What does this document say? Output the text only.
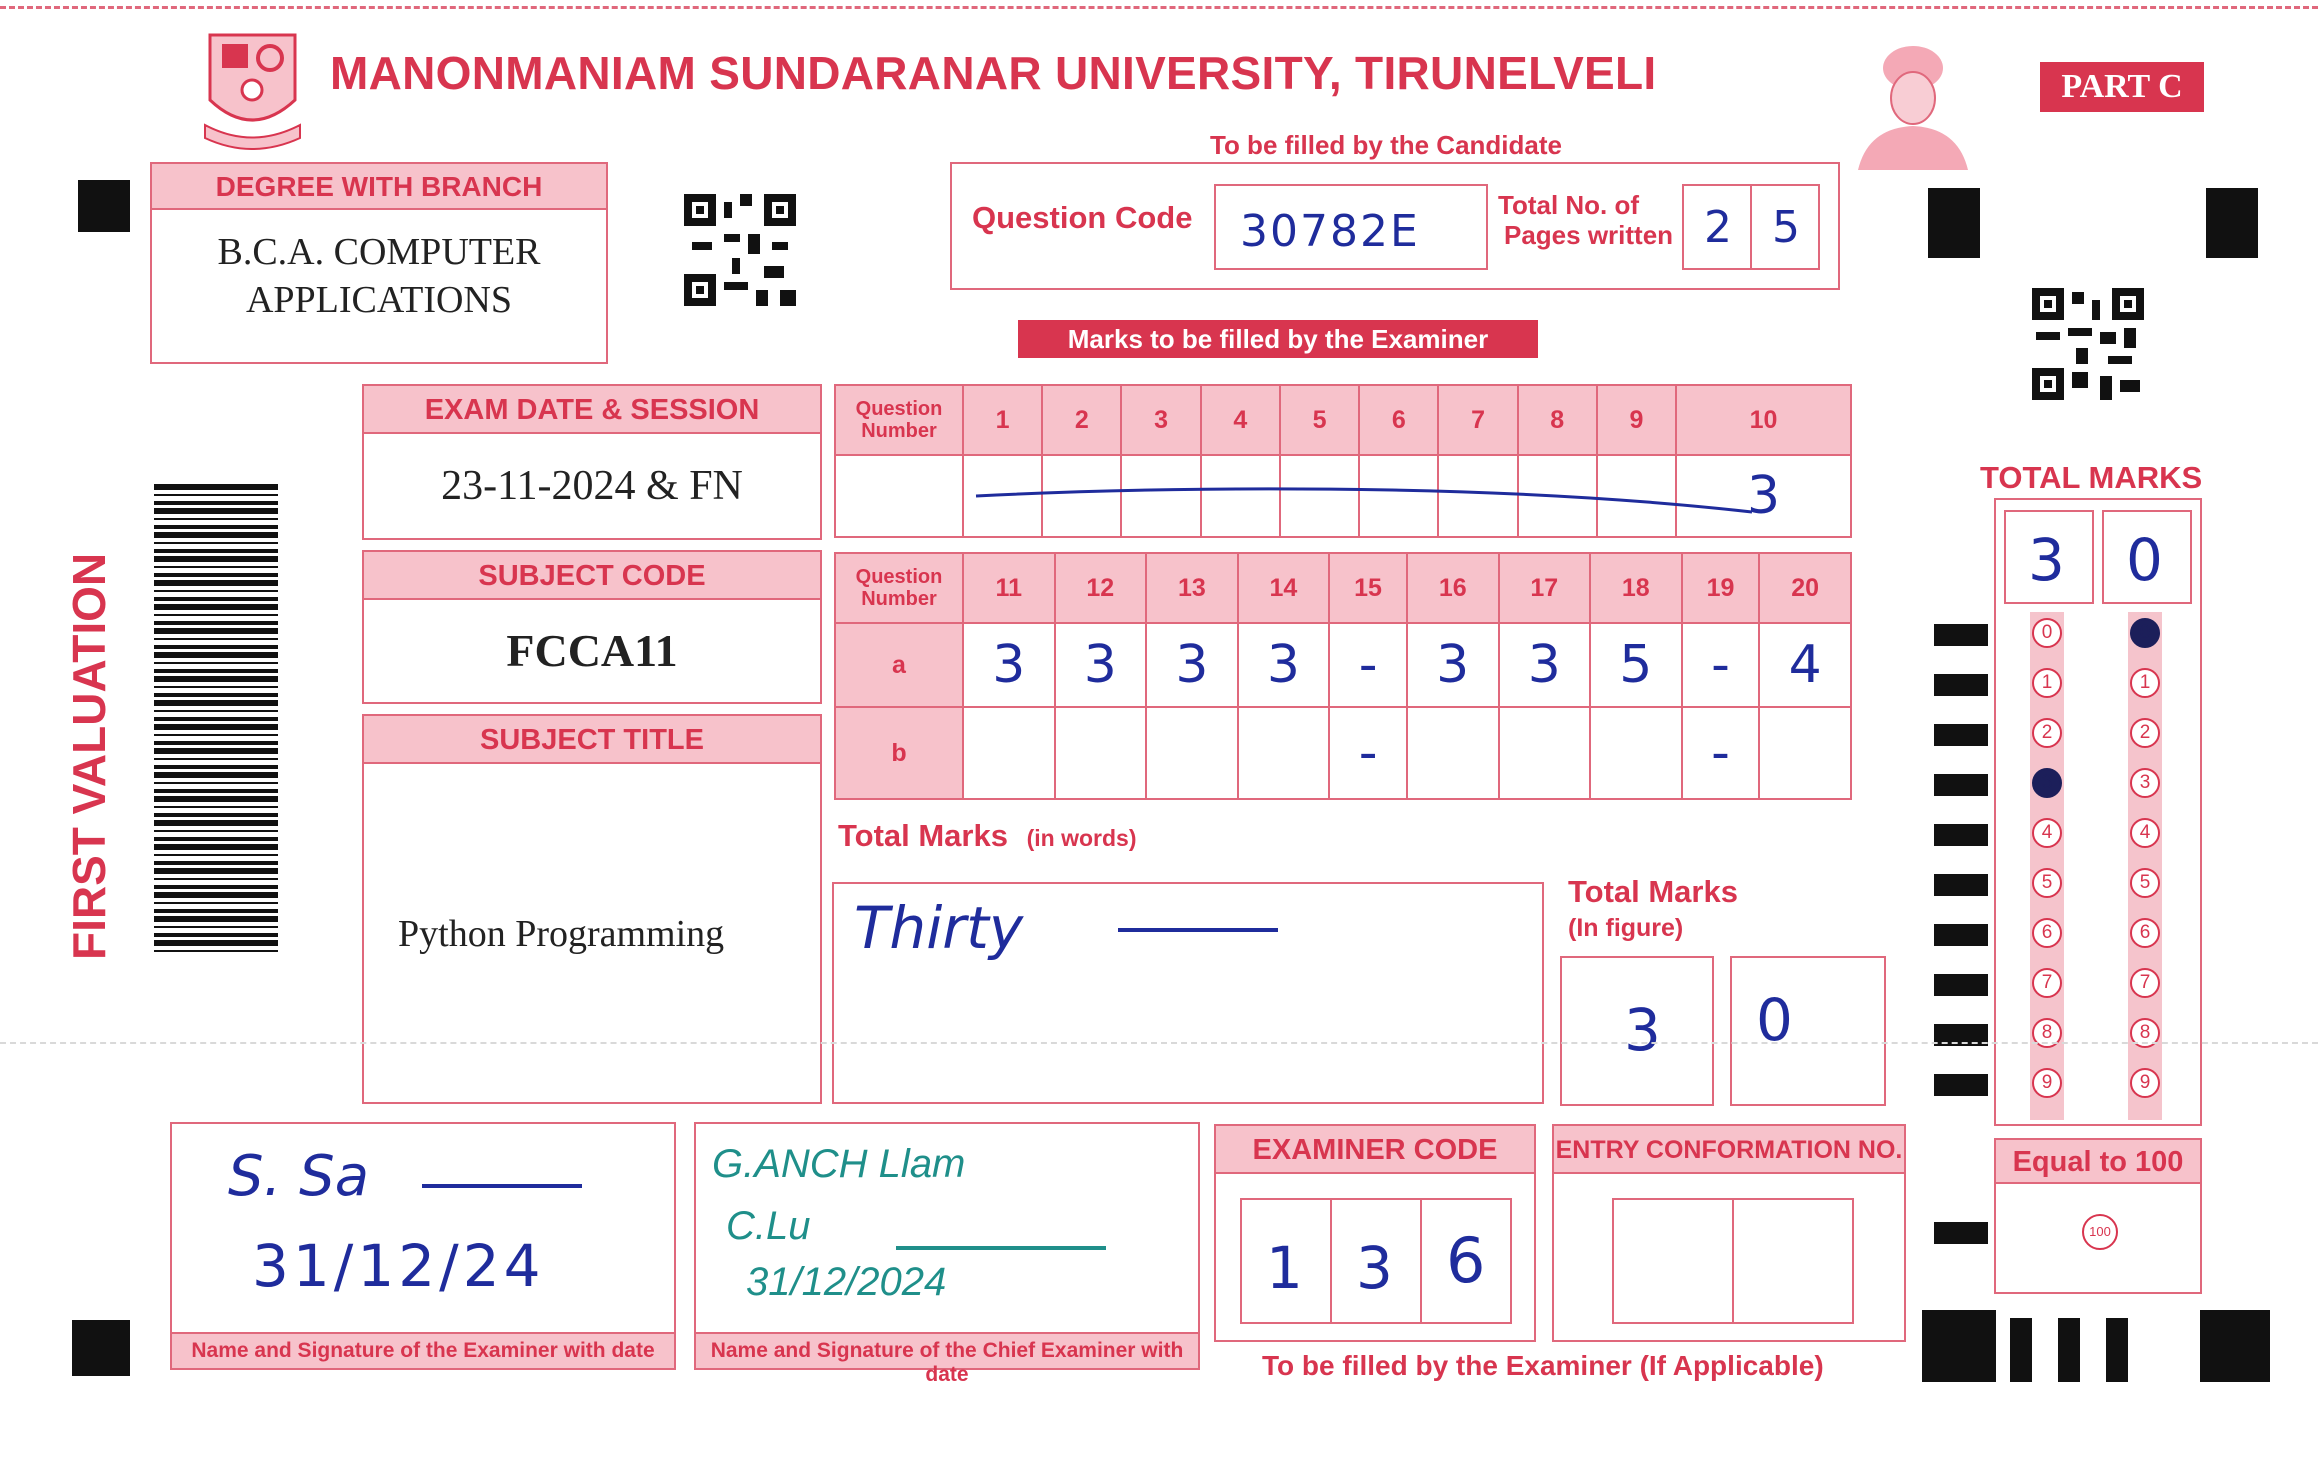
MANONMANIAM SUNDARANAR UNIVERSITY, TIRUNELVELI	PART C
To be filled by the Candidate
DEGREE WITH BRANCH
B.C.A. COMPUTER
APPLICATIONS
Question Code 30782E
Total No. of
Pages written 2 5
Marks to be filled by the Examiner
EXAM DATE & SESSION
23-11-2024 & FN
SUBJECT CODE
FCCA11
SUBJECT TITLE
Python Programming
FIRST VALUATION
Question Number	1	2	3	4	5	6	7	8	9	10
										3
Question Number	11	12	13	14	15	16	17	18	19	20
a	3	3	3	3	-	3	3	5	-	4
b					-				-	
Total Marks (in words)
Thirty
Total Marks
(In figure)
3 0
TOTAL MARKS
3 0
0	0
1	1
2	2
3	3
4	4
5	5
6	6
7	7
8	8
9	9
Equal to 100
100
S. Sa
31/12/24
Name and Signature of the Examiner with date
G.ANCH Llam
C.Lu
31/12/2024
Name and Signature of the Chief Examiner with date
EXAMINER CODE
1 3 6
ENTRY CONFORMATION NO.
To be filled by the Examiner (If Applicable)
